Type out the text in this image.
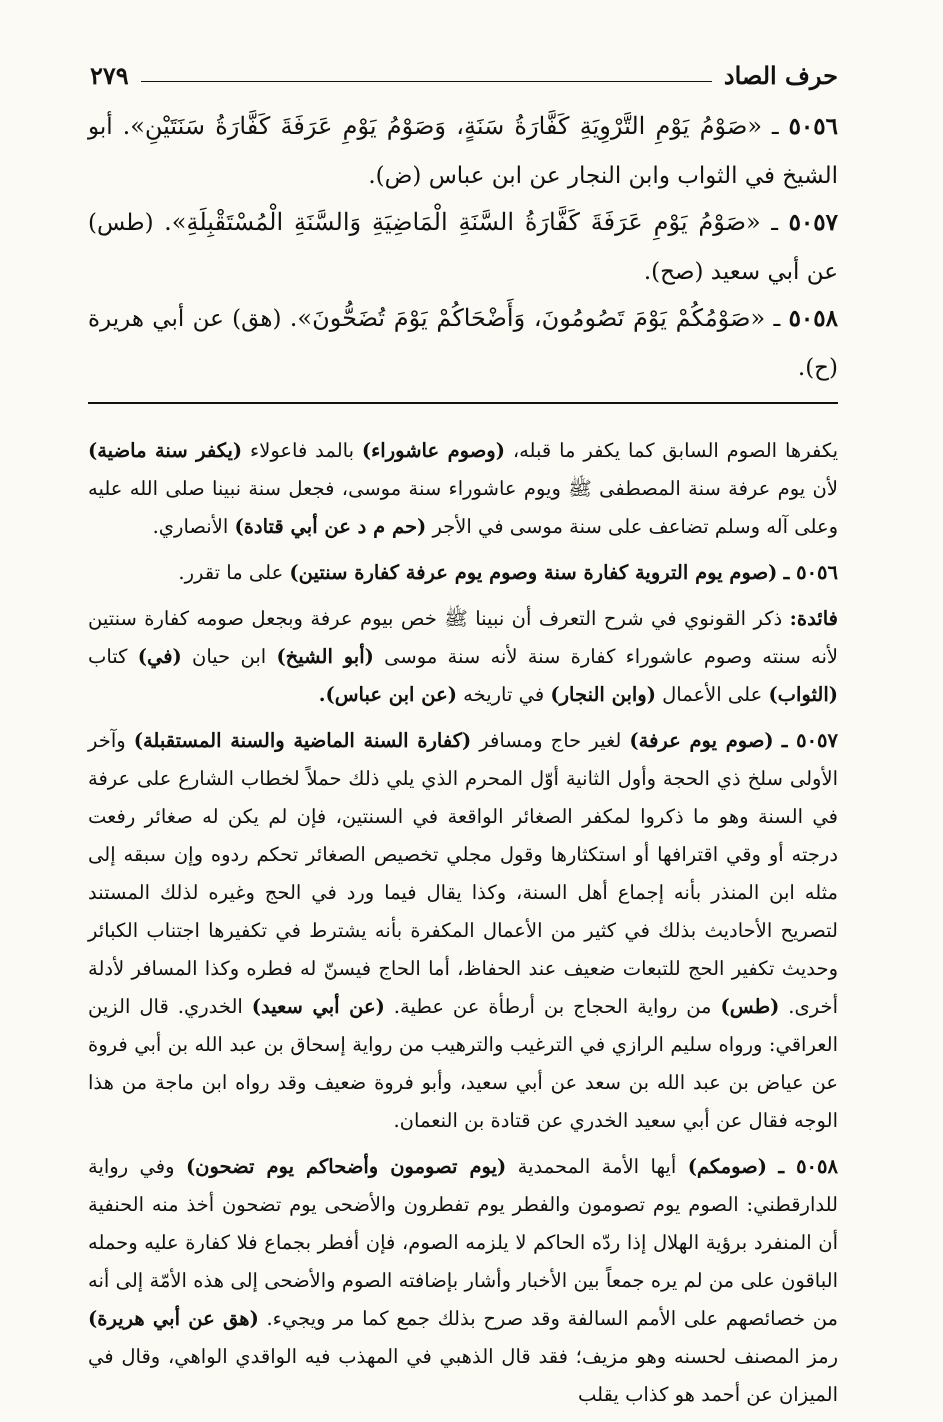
حرف الصاد
٢٧٩
٥٠٥٦ ـ «صَوْمُ يَوْمِ التَّرْوِيَةِ كَفَّارَةُ سَنَةٍ، وَصَوْمُ يَوْمِ عَرَفَةَ كَفَّارَةُ سَنَتَيْنِ». أبو الشيخ في الثواب وابن النجار عن ابن عباس (ض).
٥٠٥٧ ـ «صَوْمُ يَوْمِ عَرَفَةَ كَفَّارَةُ السَّنَةِ الْمَاضِيَةِ وَالسَّنَةِ الْمُسْتَقْبِلَةِ». (طس) عن أبي سعيد (صح).
٥٠٥٨ ـ «صَوْمُكُمْ يَوْمَ تَصُومُونَ، وَأَضْحَاكُمْ يَوْمَ تُضَحُّونَ». (هق) عن أبي هريرة (ح).

يكفرها الصوم السابق كما يكفر ما قبله، (وصوم عاشوراء) بالمد فاعولاء (يكفر سنة ماضية) لأن يوم عرفة سنة المصطفى ﷺ ويوم عاشوراء سنة موسى، فجعل سنة نبينا صلى الله عليه وعلى آله وسلم تضاعف على سنة موسى في الأجر (حم م د عن أبي قتادة) الأنصاري.

٥٠٥٦ ـ (صوم يوم التروية كفارة سنة وصوم يوم عرفة كفارة سنتين) على ما تقرر.

فائدة: ذكر القونوي في شرح التعرف أن نبينا ﷺ خص بيوم عرفة وبجعل صومه كفارة سنتين لأنه سنته وصوم عاشوراء كفارة سنة لأنه سنة موسى (أبو الشيخ) ابن حيان (في) كتاب (الثواب) على الأعمال (وابن النجار) في تاريخه (عن ابن عباس).

٥٠٥٧ ـ (صوم يوم عرفة) لغير حاج ومسافر (كفارة السنة الماضية والسنة المستقبلة) وآخر الأولى سلخ ذي الحجة وأول الثانية أوّل المحرم الذي يلي ذلك حملاً لخطاب الشارع على عرفة في السنة وهو ما ذكروا لمكفر الصغائر الواقعة في السنتين، فإن لم يكن له صغائر رفعت درجته أو وقي اقترافها أو استكثارها وقول مجلي تخصيص الصغائر تحكم ردوه وإن سبقه إلى مثله ابن المنذر بأنه إجماع أهل السنة، وكذا يقال فيما ورد في الحج وغيره لذلك المستند لتصريح الأحاديث بذلك في كثير من الأعمال المكفرة بأنه يشترط في تكفيرها اجتناب الكبائر وحديث تكفير الحج للتبعات ضعيف عند الحفاظ، أما الحاج فيسنّ له فطره وكذا المسافر لأدلة أخرى. (طس) من رواية الحجاج بن أرطأة عن عطية. (عن أبي سعيد) الخدري. قال الزين العراقي: ورواه سليم الرازي في الترغيب والترهيب من رواية إسحاق بن عبد الله بن أبي فروة عن عياض بن عبد الله بن سعد عن أبي سعيد، وأبو فروة ضعيف وقد رواه ابن ماجة من هذا الوجه فقال عن أبي سعيد الخدري عن قتادة بن النعمان.

٥٠٥٨ ـ (صومكم) أيها الأمة المحمدية (يوم تصومون وأضحاكم يوم تضحون) وفي رواية للدارقطني: الصوم يوم تصومون والفطر يوم تفطرون والأضحى يوم تضحون أخذ منه الحنفية أن المنفرد برؤية الهلال إذا ردّه الحاكم لا يلزمه الصوم، فإن أفطر بجماع فلا كفارة عليه وحمله الباقون على من لم يره جمعاً بين الأخبار وأشار بإضافته الصوم والأضحى إلى هذه الأمّة إلى أنه من خصائصهم على الأمم السالفة وقد صرح بذلك جمع كما مر ويجيء. (هق عن أبي هريرة) رمز المصنف لحسنه وهو مزيف؛ فقد قال الذهبي في المهذب فيه الواقدي الواهي، وقال في الميزان عن أحمد هو كذاب يقلب
